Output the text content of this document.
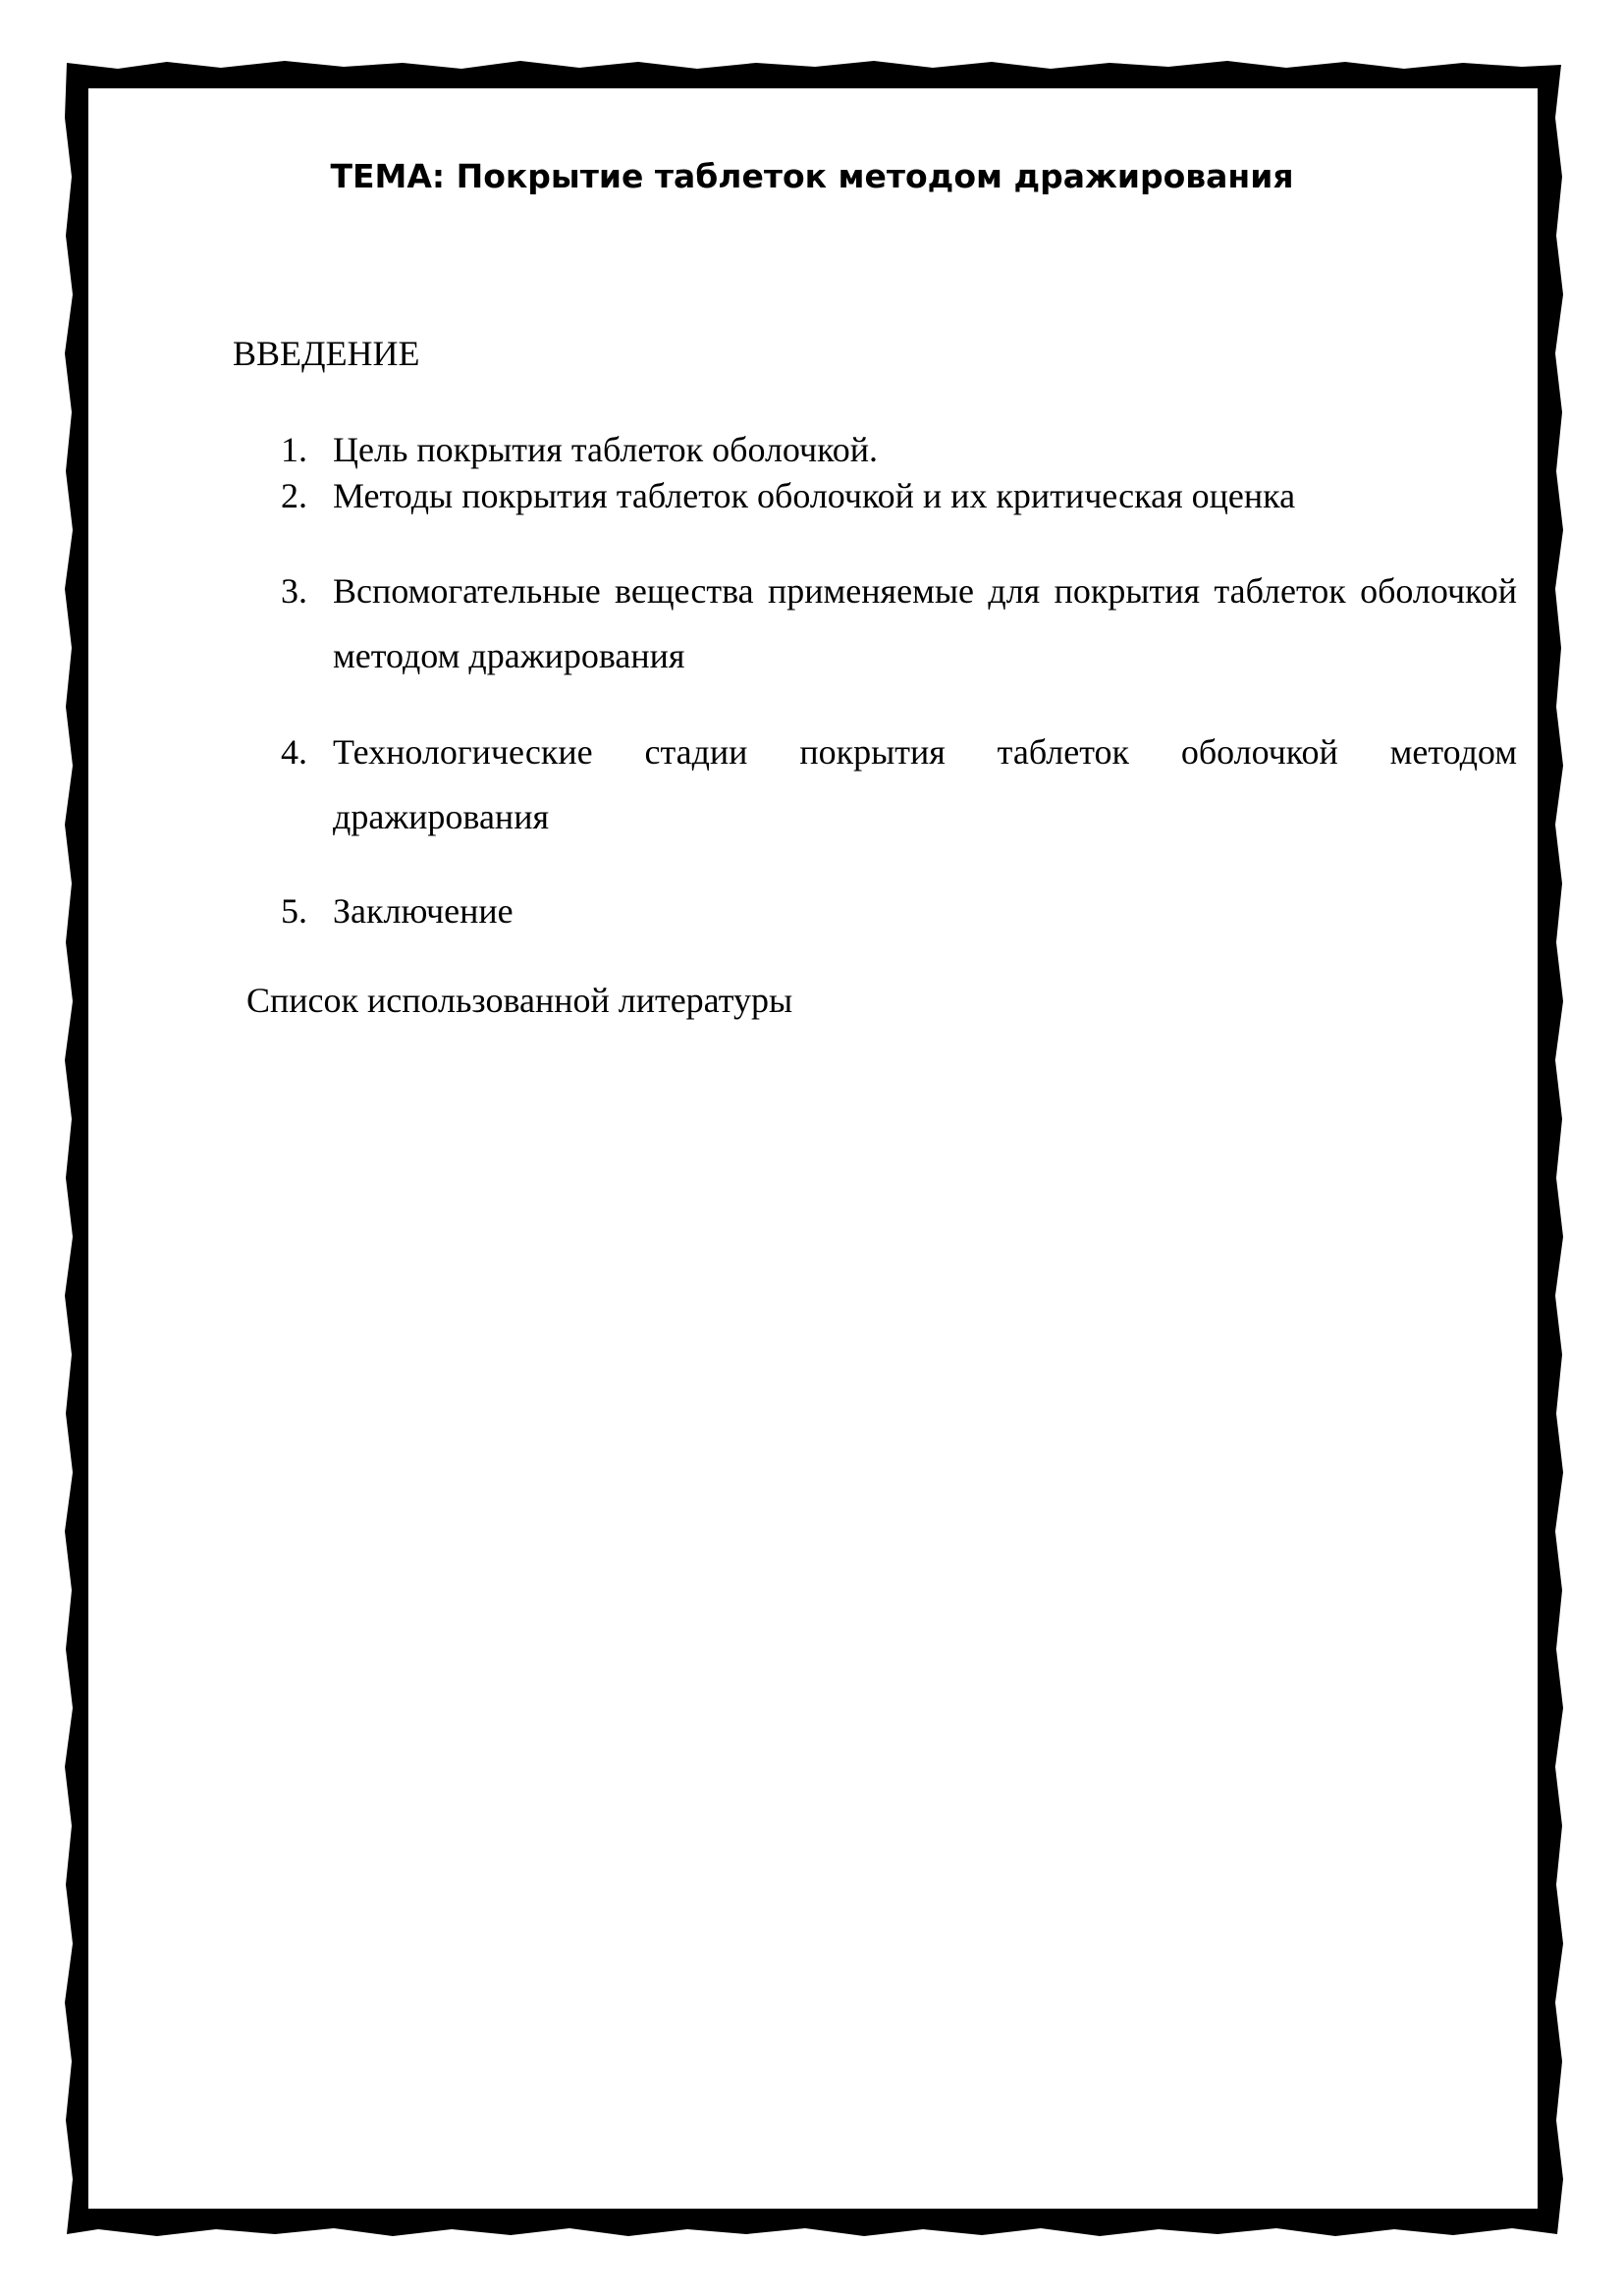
ТЕМА: Покрытие таблеток методом дражирования

ВВЕДЕНИЕ

1. Цель покрытия таблеток оболочкой.
2. Методы покрытия таблеток оболочкой и их критическая оценка
3. Вспомогательные вещества применяемые для покрытия таблеток оболочкой методом дражирования
4. Технологические стадии покрытия таблеток оболочкой методом дражирования
5. Заключение

Список использованной литературы
